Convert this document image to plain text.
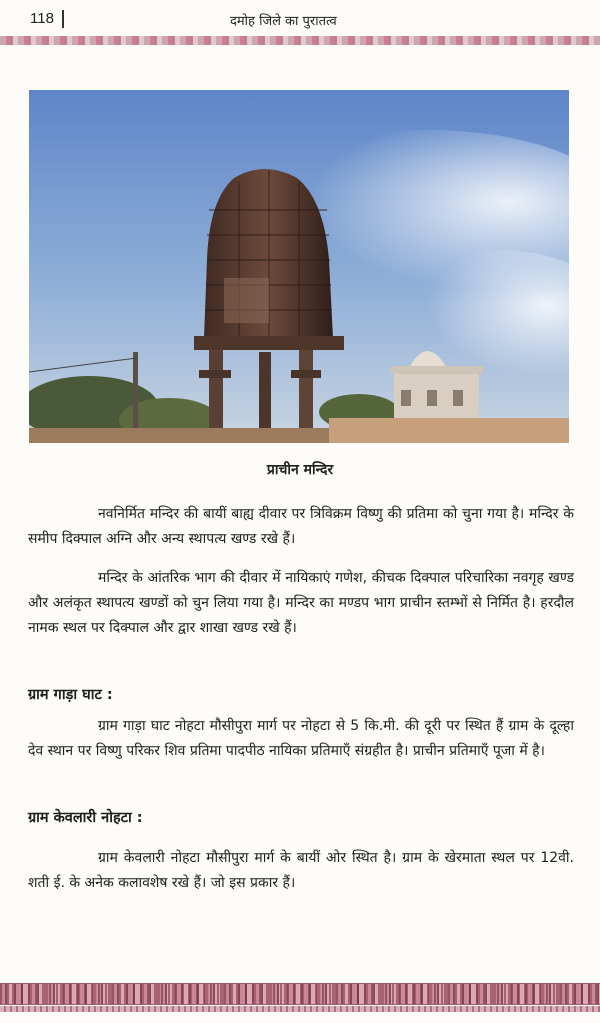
118	दमोह जिले का पुरातत्व
प्राचीन मन्दिर
नवनिर्मित मन्दिर की बायीं बाह्य दीवार पर त्रिविक्रम विष्णु की प्रतिमा को चुना गया है। मन्दिर के समीप दिक्पाल अग्नि और अन्य स्थापत्य खण्ड रखे हैं।
मन्दिर के आंतरिक भाग की दीवार में नायिकाएं गणेश, कीचक दिक्पाल परिचारिका नवगृह खण्ड और अलंकृत स्थापत्य खण्डों को चुन लिया गया है। मन्दिर का मण्डप भाग प्राचीन स्तम्भों से निर्मित है। हरदौल नामक स्थल पर दिक्पाल और द्वार शाखा खण्ड रखे हैं।
ग्राम गाड़ा घाट :
ग्राम गाड़ा घाट नोहटा मौसीपुरा मार्ग पर नोहटा से 5 कि.मी. की दूरी पर स्थित हैं ग्राम के दूल्हा देव स्थान पर विष्णु परिकर शिव प्रतिमा पादपीठ नायिका प्रतिमाएँ संग्रहीत है। प्राचीन प्रतिमाएँ पूजा में है।
ग्राम केवलारी नोहटा :
ग्राम केवलारी नोहटा मौसीपुरा मार्ग के बायीं ओर स्थित है। ग्राम के खेरमाता स्थल पर 12वी. शती ई. के अनेक कलावशेष रखे हैं। जो इस प्रकार हैं।
